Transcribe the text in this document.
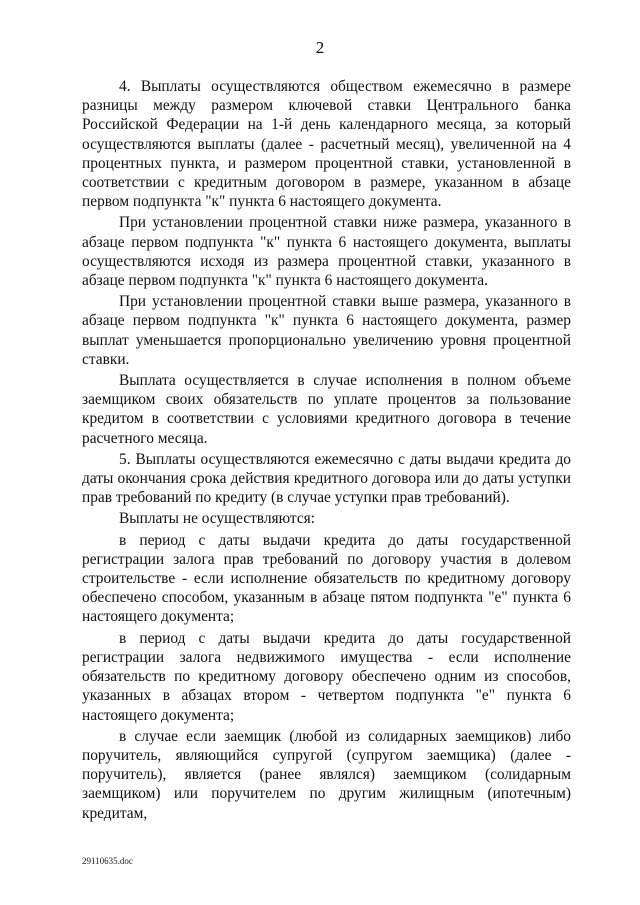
2

4. Выплаты осуществляются обществом ежемесячно в размере разницы между размером ключевой ставки Центрального банка Российской Федерации на 1-й день календарного месяца, за который осуществляются выплаты (далее - расчетный месяц), увеличенной на 4 процентных пункта, и размером процентной ставки, установленной в соответствии с кредитным договором в размере, указанном в абзаце первом подпункта "к" пункта 6 настоящего документа.

При установлении процентной ставки ниже размера, указанного в абзаце первом подпункта "к" пункта 6 настоящего документа, выплаты осуществляются исходя из размера процентной ставки, указанного в абзаце первом подпункта "к" пункта 6 настоящего документа.

При установлении процентной ставки выше размера, указанного в абзаце первом подпункта "к" пункта 6 настоящего документа, размер выплат уменьшается пропорционально увеличению уровня процентной ставки.

Выплата осуществляется в случае исполнения в полном объеме заемщиком своих обязательств по уплате процентов за пользование кредитом в соответствии с условиями кредитного договора в течение расчетного месяца.

5. Выплаты осуществляются ежемесячно с даты выдачи кредита до даты окончания срока действия кредитного договора или до даты уступки прав требований по кредиту (в случае уступки прав требований).

Выплаты не осуществляются:

в период с даты выдачи кредита до даты государственной регистрации залога прав требований по договору участия в долевом строительстве - если исполнение обязательств по кредитному договору обеспечено способом, указанным в абзаце пятом подпункта "е" пункта 6 настоящего документа;

в период с даты выдачи кредита до даты государственной регистрации залога недвижимого имущества - если исполнение обязательств по кредитному договору обеспечено одним из способов, указанных в абзацах втором - четвертом подпункта "е" пункта 6 настоящего документа;

в случае если заемщик (любой из солидарных заемщиков) либо поручитель, являющийся супругой (супругом заемщика) (далее - поручитель), является (ранее являлся) заемщиком (солидарным заемщиком) или поручителем по другим жилищным (ипотечным) кредитам,

29110635.doc
